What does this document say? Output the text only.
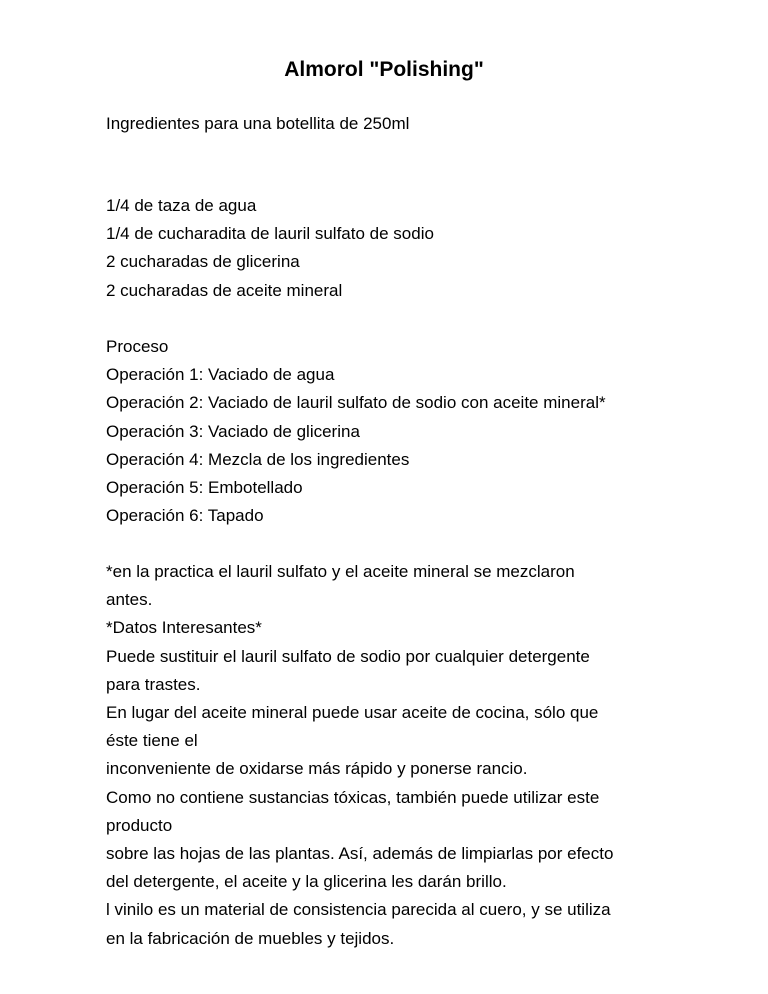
Almorol "Polishing"

Ingredientes para una botellita de 250ml

1/4 de taza de agua
1/4 de cucharadita de lauril sulfato de sodio
2 cucharadas de glicerina
2 cucharadas de aceite mineral
Proceso
Operación 1: Vaciado de agua
Operación 2: Vaciado de lauril sulfato de sodio con aceite mineral*
Operación 3: Vaciado de glicerina
Operación 4: Mezcla de los ingredientes
Operación 5: Embotellado
Operación 6: Tapado
*en la practica el lauril sulfato y el aceite mineral se mezclaron
antes.
*Datos Interesantes*
Puede sustituir el lauril sulfato de sodio por cualquier detergente
para trastes.
En lugar del aceite mineral puede usar aceite de cocina, sólo que
éste tiene el
inconveniente de oxidarse más rápido y ponerse rancio.
Como no contiene sustancias tóxicas, también puede utilizar este
producto
sobre las hojas de las plantas. Así, además de limpiarlas por efecto
del detergente, el aceite y la glicerina les darán brillo.
l vinilo es un material de consistencia parecida al cuero, y se utiliza
en la fabricación de muebles y tejidos.
